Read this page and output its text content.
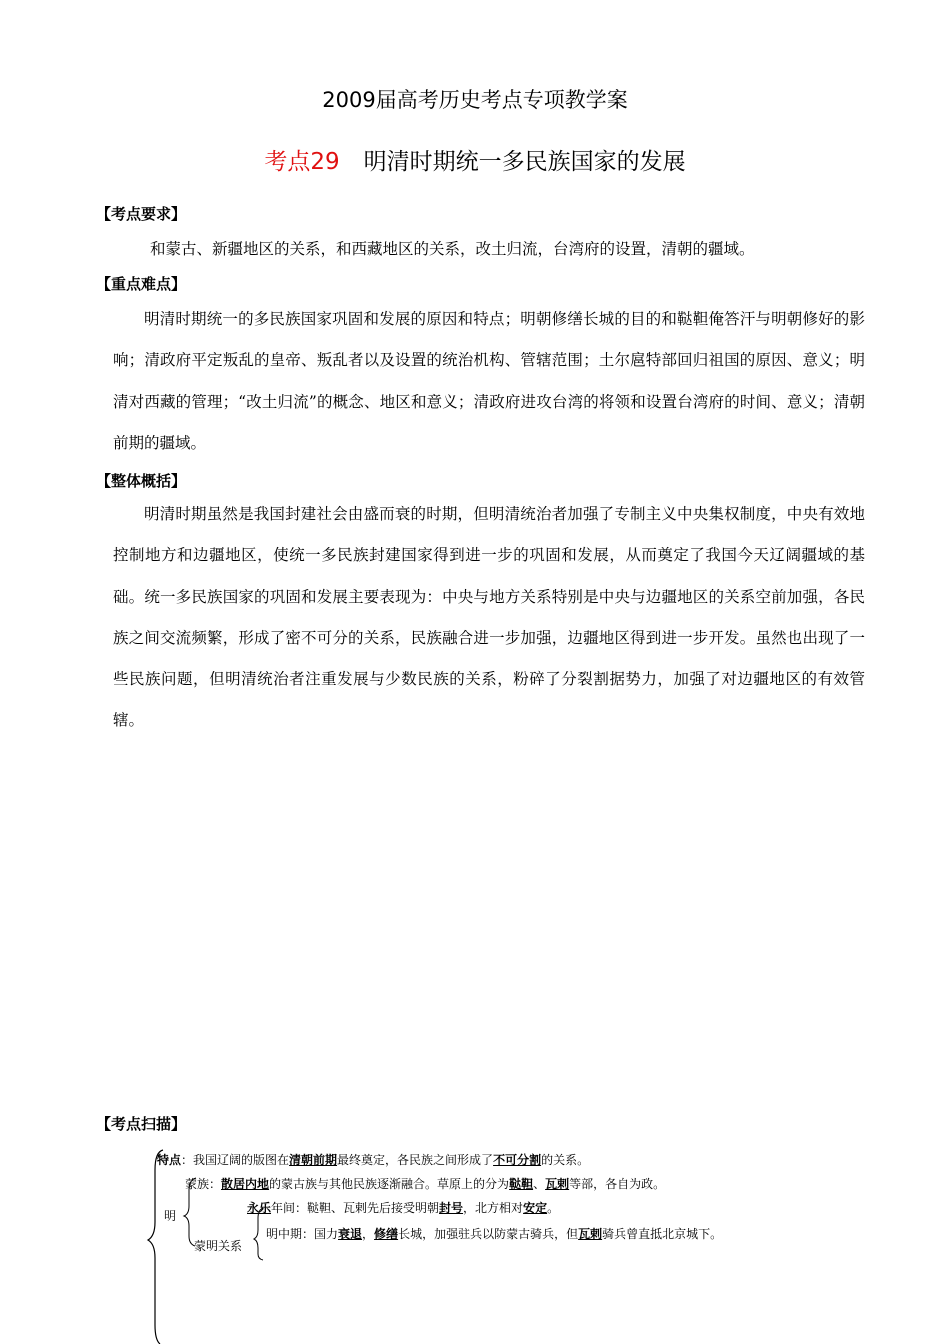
2009届高考历史考点专项教学案
考点29 明清时期统一多民族国家的发展
【考点要求】

和蒙古、新疆地区的关系，和西藏地区的关系，改土归流，台湾府的设置，清朝的疆域。

【重点难点】

明清时期统一的多民族国家巩固和发展的原因和特点；明朝修缮长城的目的和鞑靼俺答汗与明朝修好的影响；清政府平定叛乱的皇帝、叛乱者以及设置的统治机构、管辖范围；土尔扈特部回归祖国的原因、意义；明清对西藏的管理；“改土归流”的概念、地区和意义；清政府进攻台湾的将领和设置台湾府的时间、意义；清朝前期的疆域。

【整体概括】

明清时期虽然是我国封建社会由盛而衰的时期，但明清统治者加强了专制主义中央集权制度，中央有效地控制地方和边疆地区，使统一多民族封建国家得到进一步的巩固和发展，从而奠定了我国今天辽阔疆域的基础。统一多民族国家的巩固和发展主要表现为：中央与地方关系特别是中央与边疆地区的关系空前加强，各民族之间交流频繁，形成了密不可分的关系，民族融合进一步加强，边疆地区得到进一步开发。虽然也出现了一些民族问题，但明清统治者注重发展与少数民族的关系，粉碎了分裂割据势力，加强了对边疆地区的有效管辖。

【考点扫描】
特点：我国辽阔的版图在清朝前期最终奠定，各民族之间形成了不可分割的关系。
蒙族：散居内地的蒙古族与其他民族逐渐融合。草原上的分为鞑靼、瓦剌等部，各自为政。
明
永乐年间：鞑靼、瓦剌先后接受明朝封号，北方相对安定。
蒙明关系
明中期：国力衰退，修缮长城，加强驻兵以防蒙古骑兵，但瓦剌骑兵曾直抵北京城下。
